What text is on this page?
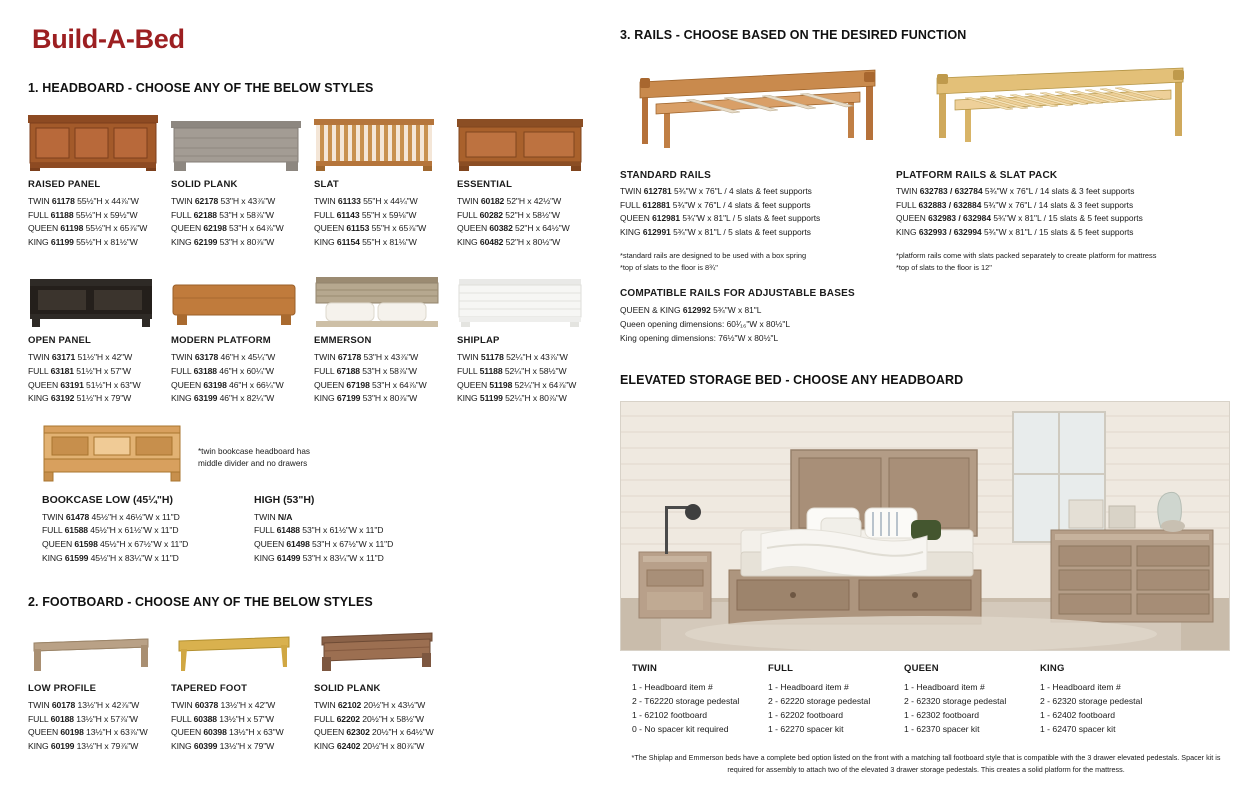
Build-A-Bed
1. HEADBOARD - CHOOSE ANY OF THE BELOW STYLES
RAISED PANEL
TWIN 61178 55½"H x 44⅞"W
FULL 61188 55½"H x 59½"W
QUEEN 61198 55½"H x 65⅞"W
KING 61199 55½"H x 81½"W
SOLID PLANK
TWIN 62178 53"H x 43⅞"W
FULL 62188 53"H x 58⅞"W
QUEEN 62198 53"H x 64⅞"W
KING 62199 53"H x 80⅞"W
SLAT
TWIN 61133 55"H x 44¼"W
FULL 61143 55"H x 59⅛"W
QUEEN 61153 55"H x 65⅞"W
KING 61154 55"H x 81⅛"W
ESSENTIAL
TWIN 60182 52"H x 42½"W
FULL 60282 52"H x 58½"W
QUEEN 60382 52"H x 64½"W
KING 60482 52"H x 80½"W
OPEN PANEL
TWIN 63171 51½"H x 42"W
FULL 63181 51½"H x 57"W
QUEEN 63191 51½"H x 63"W
KING 63192 51½"H x 79"W
MODERN PLATFORM
TWIN 63178 46"H x 45¼"W
FULL 63188 46"H x 60¼"W
QUEEN 63198 46"H x 66¼"W
KING 63199 46"H x 82¼"W
EMMERSON
TWIN 67178 53"H x 43⅞"W
FULL 67188 53"H x 58⅞"W
QUEEN 67198 53"H x 64⅞"W
KING 67199 53"H x 80⅞"W
SHIPLAP
TWIN 51178 52¼"H x 43⅞"W
FULL 51188 52¼"H x 58½"W
QUEEN 51198 52¼"H x 64⅞"W
KING 51199 52¼"H x 80⅞"W
*twin bookcase headboard has middle divider and no drawers
BOOKCASE LOW (45¼"H)
TWIN 61478 45½"H x 46½"W x 11"D
FULL 61588 45½"H x 61½"W x 11"D
QUEEN 61598 45½"H x 67½"W x 11"D
KING 61599 45½"H x 83¼"W x 11"D
HIGH (53"H)
TWIN N/A
FULL 61488 53"H x 61½"W x 11"D
QUEEN 61498 53"H x 67½"W x 11"D
KING 61499 53"H x 83¼"W x 11"D
2. FOOTBOARD - CHOOSE ANY OF THE BELOW STYLES
LOW PROFILE
TWIN 60178 13½"H x 42⅞"W
FULL 60188 13½"H x 57⅞"W
QUEEN 60198 13½"H x 63⅞"W
KING 60199 13½"H x 79⅞"W
TAPERED FOOT
TWIN 60378 13½"H x 42"W
FULL 60388 13½"H x 57"W
QUEEN 60398 13½"H x 63"W
KING 60399 13½"H x 79"W
SOLID PLANK
TWIN 62102 20½"H x 43½"W
FULL 62202 20½"H x 58½"W
QUEEN 62302 20½"H x 64½"W
KING 62402 20½"H x 80⅞"W
3. RAILS - CHOOSE BASED ON THE DESIRED FUNCTION
STANDARD RAILS
TWIN 612781 5¾"W x 76"L / 4 slats & feet supports
FULL 612881 5¾"W x 76"L / 4 slats & feet supports
QUEEN 612981 5¾"W x 81"L / 5 slats & feet supports
KING 612991 5¾"W x 81"L / 5 slats & feet supports
*standard rails are designed to be used with a box spring
*top of slats to the floor is 8¾"
PLATFORM RAILS & SLAT PACK
TWIN 632783 / 632784 5¾"W x 76"L / 14 slats & 3 feet supports
FULL 632883 / 632884 5¾"W x 76"L / 14 slats & 3 feet supports
QUEEN 632983 / 632984 5¾"W x 81"L / 15 slats & 5 feet supports
KING 632993 / 632994 5¾"W x 81"L / 15 slats & 5 feet supports
*platform rails come with slats packed separately to create platform for mattress
*top of slats to the floor is 12"
COMPATIBLE RAILS FOR ADJUSTABLE BASES
QUEEN & KING 612992 5¾"W x 81"L
Queen opening dimensions: 60¹⁄₁₆"W x 80½"L
King opening dimensions: 76½"W x 80½"L
ELEVATED STORAGE BED - CHOOSE ANY HEADBOARD
TWIN
1 - Headboard item #
2 - T62220 storage pedestal
1 - 62102 footboard
0 - No spacer kit required
FULL
1 - Headboard item #
2 - 62220 storage pedestal
1 - 62202 footboard
1 - 62270 spacer kit
QUEEN
1 - Headboard item #
2 - 62320 storage pedestal
1 - 62302 footboard
1 - 62370 spacer kit
KING
1 - Headboard item #
2 - 62320 storage pedestal
1 - 62402 footboard
1 - 62470 spacer kit
*The Shiplap and Emmerson beds have a complete bed option listed on the front with a matching tall footboard style that is compatible with the 3 drawer elevated pedestals. Spacer kit is required for assembly to attach two of the elevated 3 drawer storage pedestals. This creates a solid platform for the mattress.
